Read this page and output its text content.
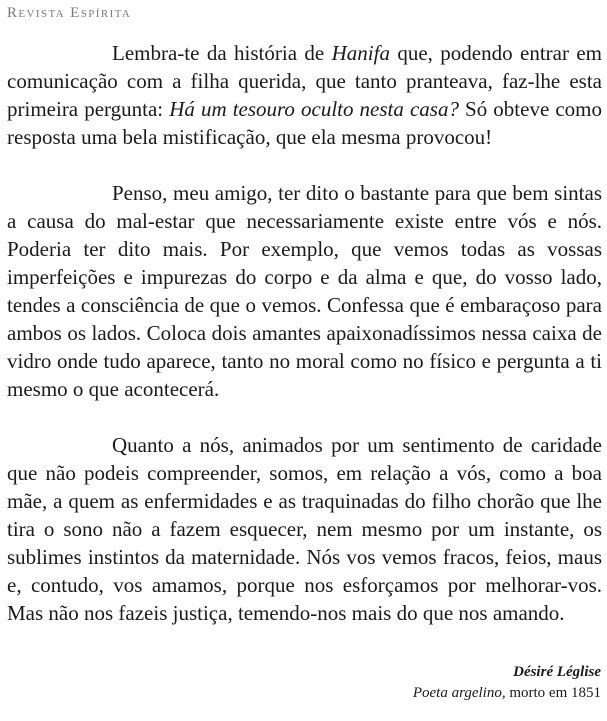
Revista Espírita

Lembra-te da história de Hanifa que, podendo entrar em comunicação com a filha querida, que tanto pranteava, faz-lhe esta primeira pergunta: Há um tesouro oculto nesta casa? Só obteve como resposta uma bela mistificação, que ela mesma provocou!

Penso, meu amigo, ter dito o bastante para que bem sintas a causa do mal-estar que necessariamente existe entre vós e nós. Poderia ter dito mais. Por exemplo, que vemos todas as vossas imperfeições e impurezas do corpo e da alma e que, do vosso lado, tendes a consciência de que o vemos. Confessa que é embaraçoso para ambos os lados. Coloca dois amantes apaixonadíssimos nessa caixa de vidro onde tudo aparece, tanto no moral como no físico e pergunta a ti mesmo o que acontecerá.

Quanto a nós, animados por um sentimento de caridade que não podeis compreender, somos, em relação a vós, como a boa mãe, a quem as enfermidades e as traquinadas do filho chorão que lhe tira o sono não a fazem esquecer, nem mesmo por um instante, os sublimes instintos da maternidade. Nós vos vemos fracos, feios, maus e, contudo, vos amamos, porque nos esforçamos por melhorar-vos. Mas não nos fazeis justiça, temendo-nos mais do que nos amando.

Désiré Léglise
Poeta argelino, morto em 1851
